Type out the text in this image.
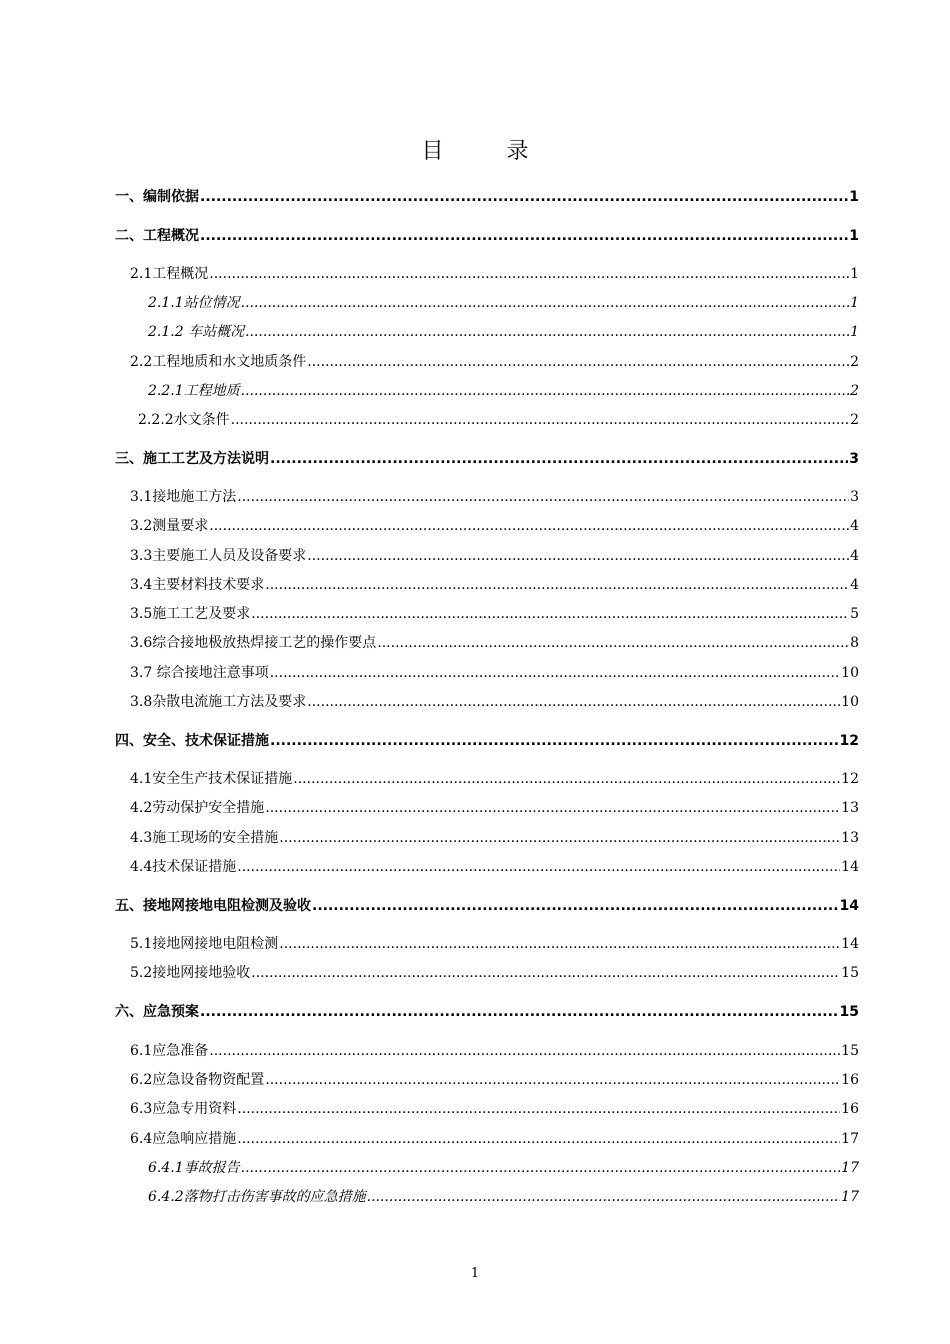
目 录
一、编制依据 .....	1
二、工程概况 .....	1
2.1工程概况 .....	1
2.1.1站位情况 .....	1
2.1.2 车站概况 .....	1
2.2工程地质和水文地质条件 .....	2
2.2.1工程地质 .....	2
2.2.2水文条件 .....	2
三、施工工艺及方法说明 .....	3
3.1接地施工方法 .....	3
3.2测量要求 .....	4
3.3主要施工人员及设备要求 .....	4
3.4主要材料技术要求 .....	4
3.5施工工艺及要求 .....	5
3.6综合接地极放热焊接工艺的操作要点 .....	8
3.7 综合接地注意事项 .....	10
3.8杂散电流施工方法及要求 .....	10
四、安全、技术保证措施 .....	12
4.1安全生产技术保证措施 .....	12
4.2劳动保护安全措施 .....	13
4.3施工现场的安全措施 .....	13
4.4技术保证措施 .....	14
五、接地网接地电阻检测及验收 .....	14
5.1接地网接地电阻检测 .....	14
5.2接地网接地验收 .....	15
六、应急预案 .....	15
6.1应急准备 .....	15
6.2应急设备物资配置 .....	16
6.3应急专用资料 .....	16
6.4应急响应措施 .....	17
6.4.1事故报告 .....	17
6.4.2落物打击伤害事故的应急措施 .....	17
1
